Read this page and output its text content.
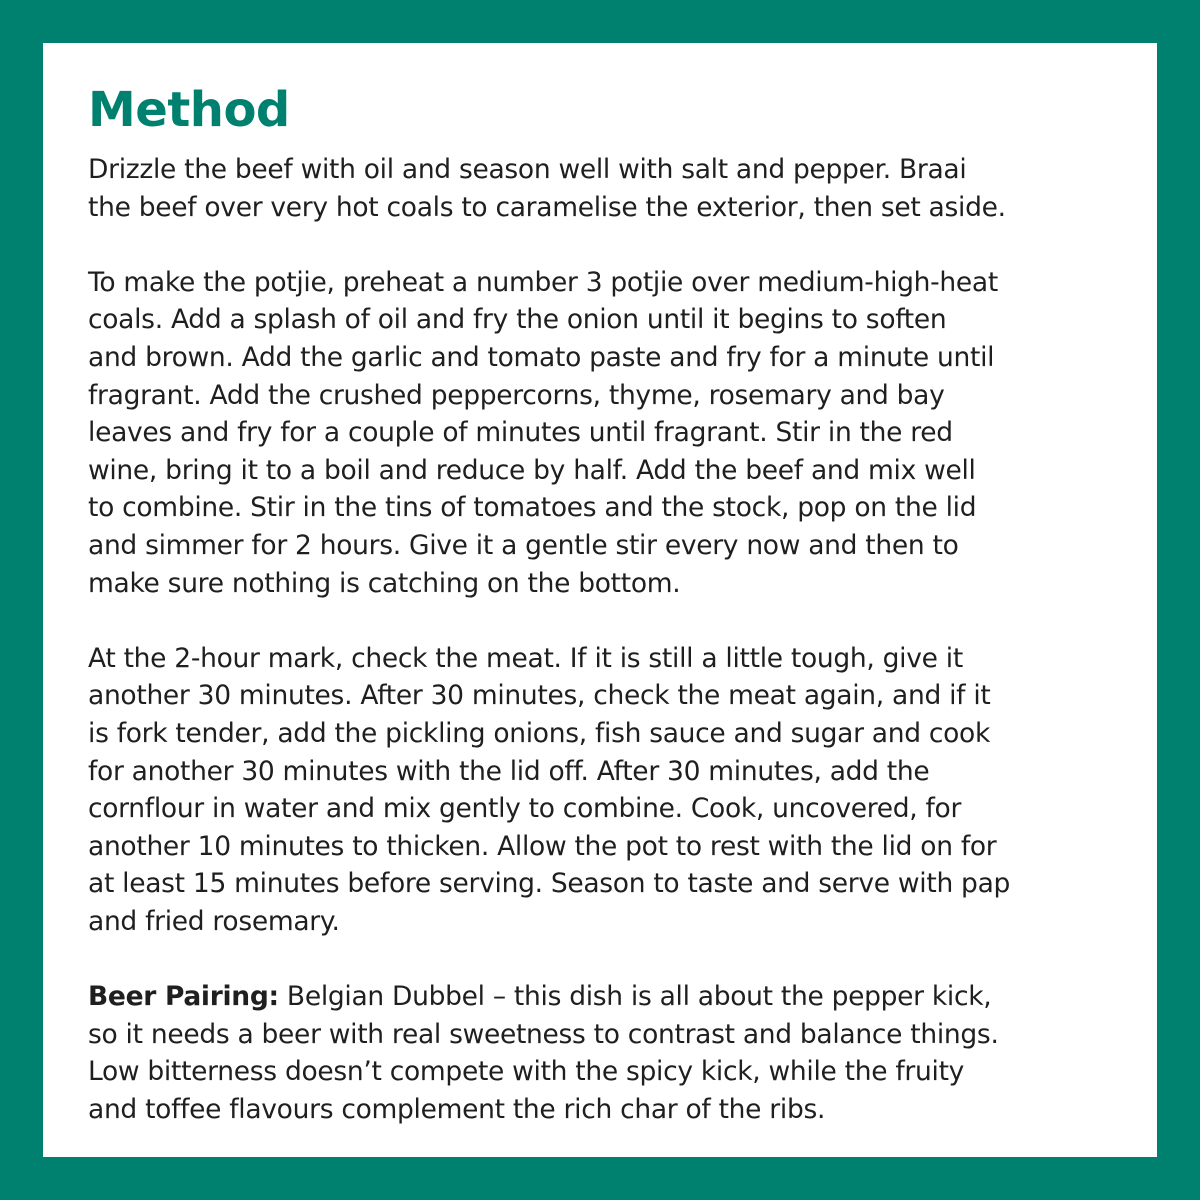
Method

Drizzle the beef with oil and season well with salt and pepper. Braai
the beef over very hot coals to caramelise the exterior, then set aside.

To make the potjie, preheat a number 3 potjie over medium-high-heat
coals. Add a splash of oil and fry the onion until it begins to soften
and brown. Add the garlic and tomato paste and fry for a minute until
fragrant. Add the crushed peppercorns, thyme, rosemary and bay
leaves and fry for a couple of minutes until fragrant. Stir in the red
wine, bring it to a boil and reduce by half. Add the beef and mix well
to combine. Stir in the tins of tomatoes and the stock, pop on the lid
and simmer for 2 hours. Give it a gentle stir every now and then to
make sure nothing is catching on the bottom.

At the 2-hour mark, check the meat. If it is still a little tough, give it
another 30 minutes. After 30 minutes, check the meat again, and if it
is fork tender, add the pickling onions, fish sauce and sugar and cook
for another 30 minutes with the lid off. After 30 minutes, add the
cornflour in water and mix gently to combine. Cook, uncovered, for
another 10 minutes to thicken. Allow the pot to rest with the lid on for
at least 15 minutes before serving. Season to taste and serve with pap
and fried rosemary.

Beer Pairing: Belgian Dubbel – this dish is all about the pepper kick,
so it needs a beer with real sweetness to contrast and balance things.
Low bitterness doesn’t compete with the spicy kick, while the fruity
and toffee flavours complement the rich char of the ribs.
